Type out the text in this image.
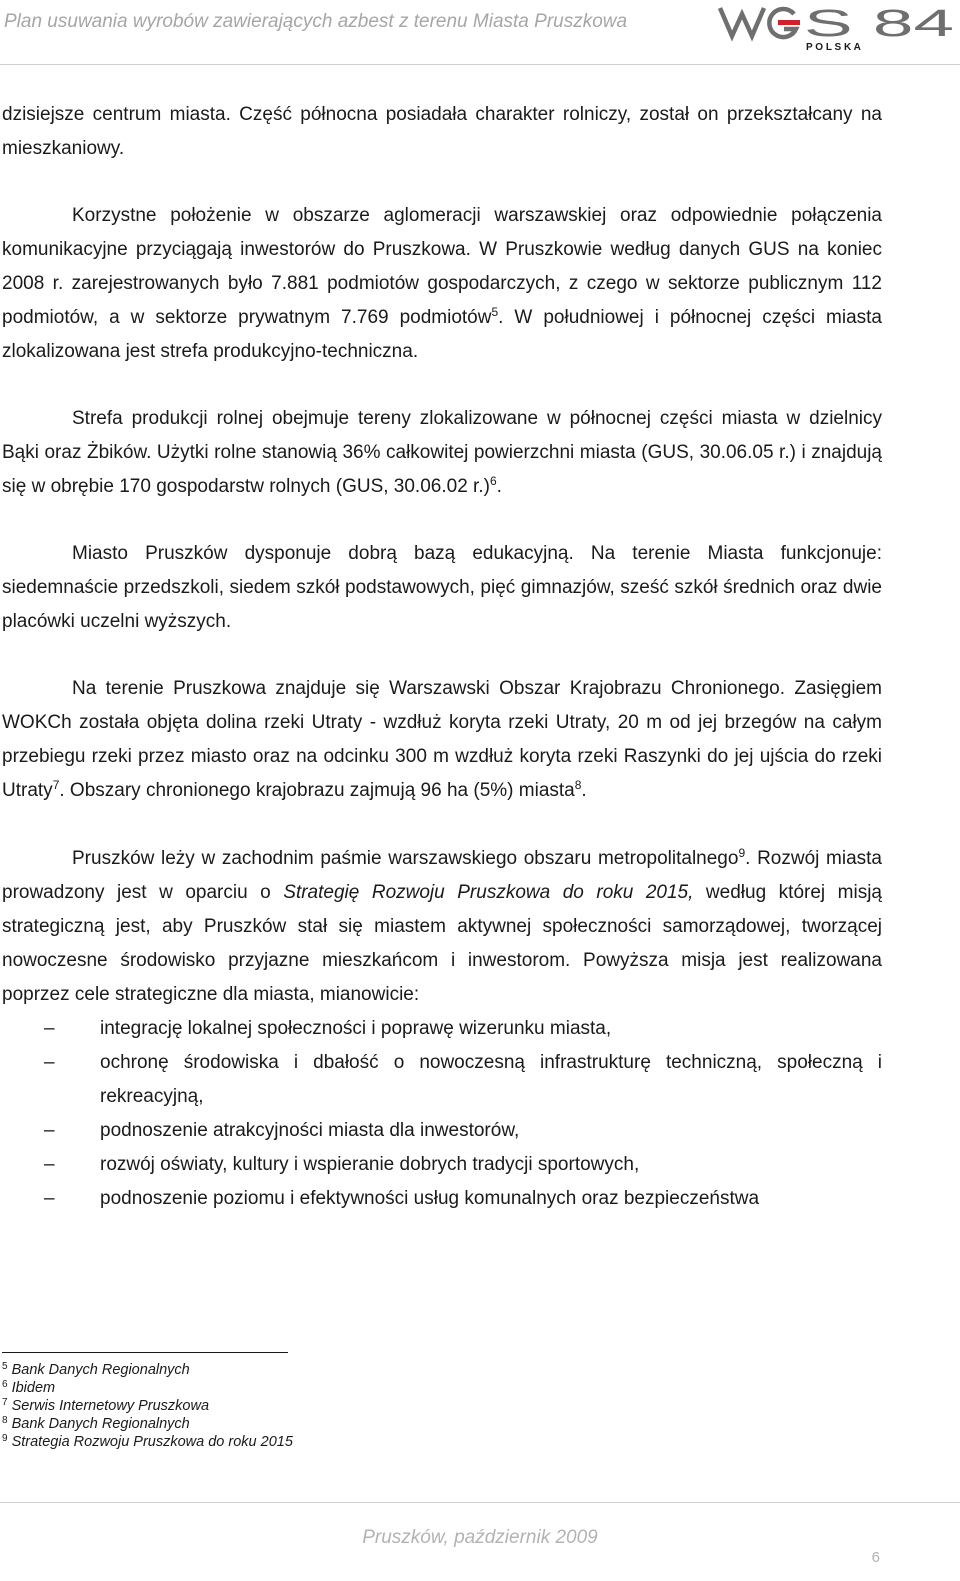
Plan usuwania wyrobów zawierających azbest z terenu Miasta Pruszkowa	S 84
P O L S K A

dzisiejsze centrum miasta. Część północna posiadała charakter rolniczy, został on przekształcany na mieszkaniowy.

Korzystne położenie w obszarze aglomeracji warszawskiej oraz odpowiednie połączenia komunikacyjne przyciągają inwestorów do Pruszkowa. W Pruszkowie według danych GUS na koniec 2008 r. zarejestrowanych było 7.881 podmiotów gospodarczych, z czego w sektorze publicznym 112 podmiotów, a w sektorze prywatnym 7.769 podmiotów$^5$. W południowej i północnej części miasta zlokalizowana jest strefa produkcyjno-techniczna.

Strefa produkcji rolnej obejmuje tereny zlokalizowane w północnej części miasta w dzielnicy Bąki oraz Żbików. Użytki rolne stanowią 36% całkowitej powierzchni miasta (GUS, 30.06.05 r.) i znajdują się w obrębie 170 gospodarstw rolnych (GUS, 30.06.02 r.)$^6$.

Miasto Pruszków dysponuje dobrą bazą edukacyjną. Na terenie Miasta funkcjonuje: siedemnaście przedszkoli, siedem szkół podstawowych, pięć gimnazjów, sześć szkół średnich oraz dwie placówki uczelni wyższych.

Na terenie Pruszkowa znajduje się Warszawski Obszar Krajobrazu Chronionego. Zasięgiem WOKCh została objęta dolina rzeki Utraty - wzdłuż koryta rzeki Utraty, 20 m od jej brzegów na całym przebiegu rzeki przez miasto oraz na odcinku 300 m wzdłuż koryta rzeki Raszynki do jej ujścia do rzeki Utraty$^7$. Obszary chronionego krajobrazu zajmują 96 ha (5%) miasta$^8$.

Pruszków leży w zachodnim paśmie warszawskiego obszaru metropolitalnego$^9$. Rozwój miasta prowadzony jest w oparciu o Strategię Rozwoju Pruszkowa do roku 2015, według której misją strategiczną jest, aby Pruszków stał się miastem aktywnej społeczności samorządowej, tworzącej nowoczesne środowisko przyjazne mieszkańcom i inwestorom. Powyższa misja jest realizowana poprzez cele strategiczne dla miasta, mianowicie:

– integrację lokalnej społeczności i poprawę wizerunku miasta,
– ochronę środowiska i dbałość o nowoczesną infrastrukturę techniczną, społeczną i rekreacyjną,
– podnoszenie atrakcyjności miasta dla inwestorów,
– rozwój oświaty, kultury i wspieranie dobrych tradycji sportowych,
– podnoszenie poziomu i efektywności usług komunalnych oraz bezpieczeństwa
$^5$ Bank Danych Regionalnych
$^6$ Ibidem
$^7$ Serwis Internetowy Pruszkowa
$^8$ Bank Danych Regionalnych
$^9$ Strategia Rozwoju Pruszkowa do roku 2015
Pruszków, październik 2009
6
